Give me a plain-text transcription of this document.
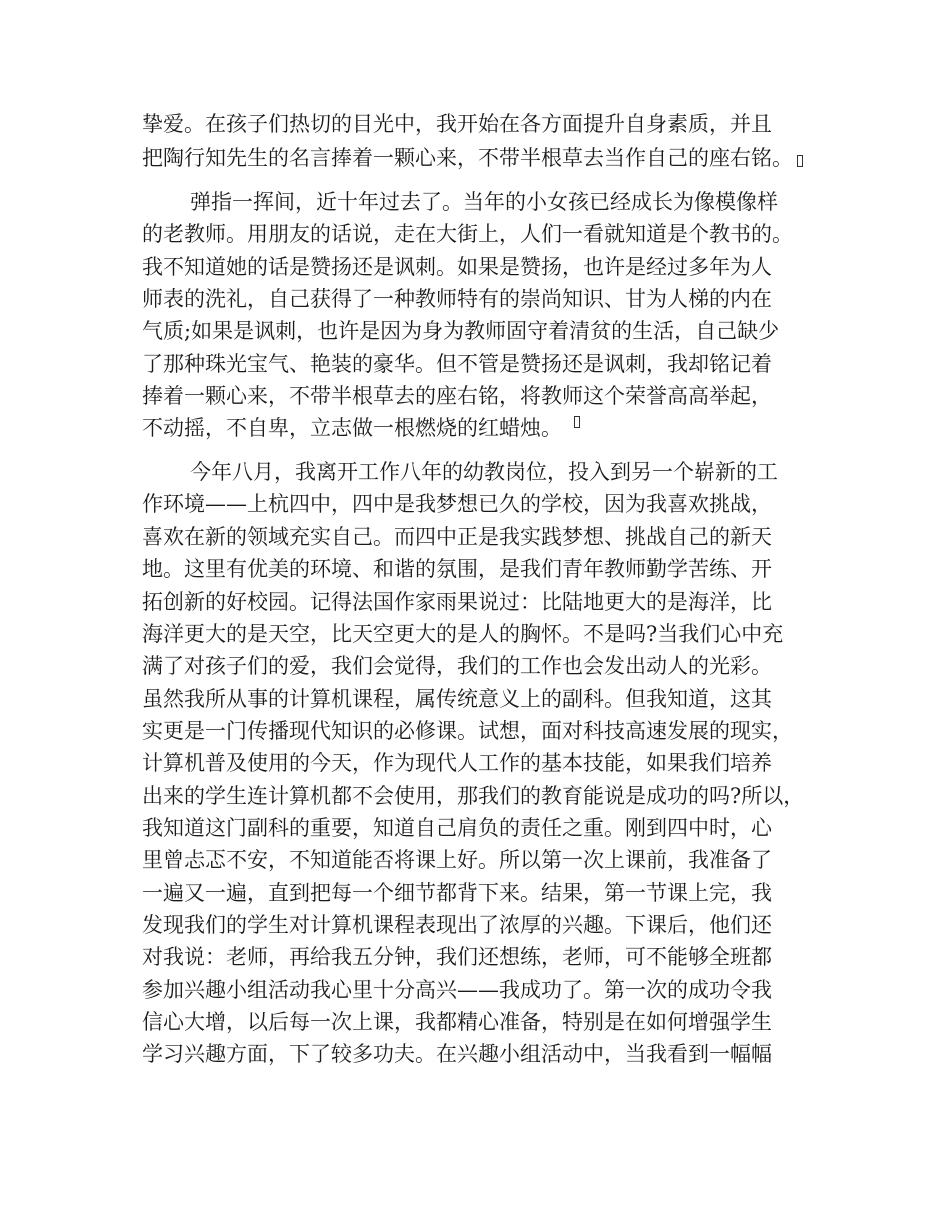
挚爱。在孩子们热切的目光中，我开始在各方面提升自身素质，并且
把陶行知先生的名言捧着一颗心来，不带半根草去当作自己的座右铭。
弹指一挥间，近十年过去了。当年的小女孩已经成长为像模像样
的老教师。用朋友的话说，走在大街上，人们一看就知道是个教书的。
我不知道她的话是赞扬还是讽刺。如果是赞扬，也许是经过多年为人
师表的洗礼，自己获得了一种教师特有的崇尚知识、甘为人梯的内在
气质;如果是讽刺，也许是因为身为教师固守着清贫的生活，自己缺少
了那种珠光宝气、艳装的豪华。但不管是赞扬还是讽刺，我却铭记着
捧着一颗心来，不带半根草去的座右铭，将教师这个荣誉高高举起，
不动摇，不自卑，立志做一根燃烧的红蜡烛。
今年八月，我离开工作八年的幼教岗位，投入到另一个崭新的工
作环境——上杭四中，四中是我梦想已久的学校，因为我喜欢挑战，
喜欢在新的领域充实自己。而四中正是我实践梦想、挑战自己的新天
地。这里有优美的环境、和谐的氛围，是我们青年教师勤学苦练、开
拓创新的好校园。记得法国作家雨果说过：比陆地更大的是海洋，比
海洋更大的是天空，比天空更大的是人的胸怀。不是吗?当我们心中充
满了对孩子们的爱，我们会觉得，我们的工作也会发出动人的光彩。
虽然我所从事的计算机课程，属传统意义上的副科。但我知道，这其
实更是一门传播现代知识的必修课。试想，面对科技高速发展的现实，
计算机普及使用的今天，作为现代人工作的基本技能，如果我们培养
出来的学生连计算机都不会使用，那我们的教育能说是成功的吗?所以，
我知道这门副科的重要，知道自己肩负的责任之重。刚到四中时，心
里曾忐忑不安，不知道能否将课上好。所以第一次上课前，我准备了
一遍又一遍，直到把每一个细节都背下来。结果，第一节课上完，我
发现我们的学生对计算机课程表现出了浓厚的兴趣。下课后，他们还
对我说：老师，再给我五分钟，我们还想练，老师，可不能够全班都
参加兴趣小组活动我心里十分高兴——我成功了。第一次的成功令我
信心大增，以后每一次上课，我都精心准备，特别是在如何增强学生
学习兴趣方面，下了较多功夫。在兴趣小组活动中，当我看到一幅幅
